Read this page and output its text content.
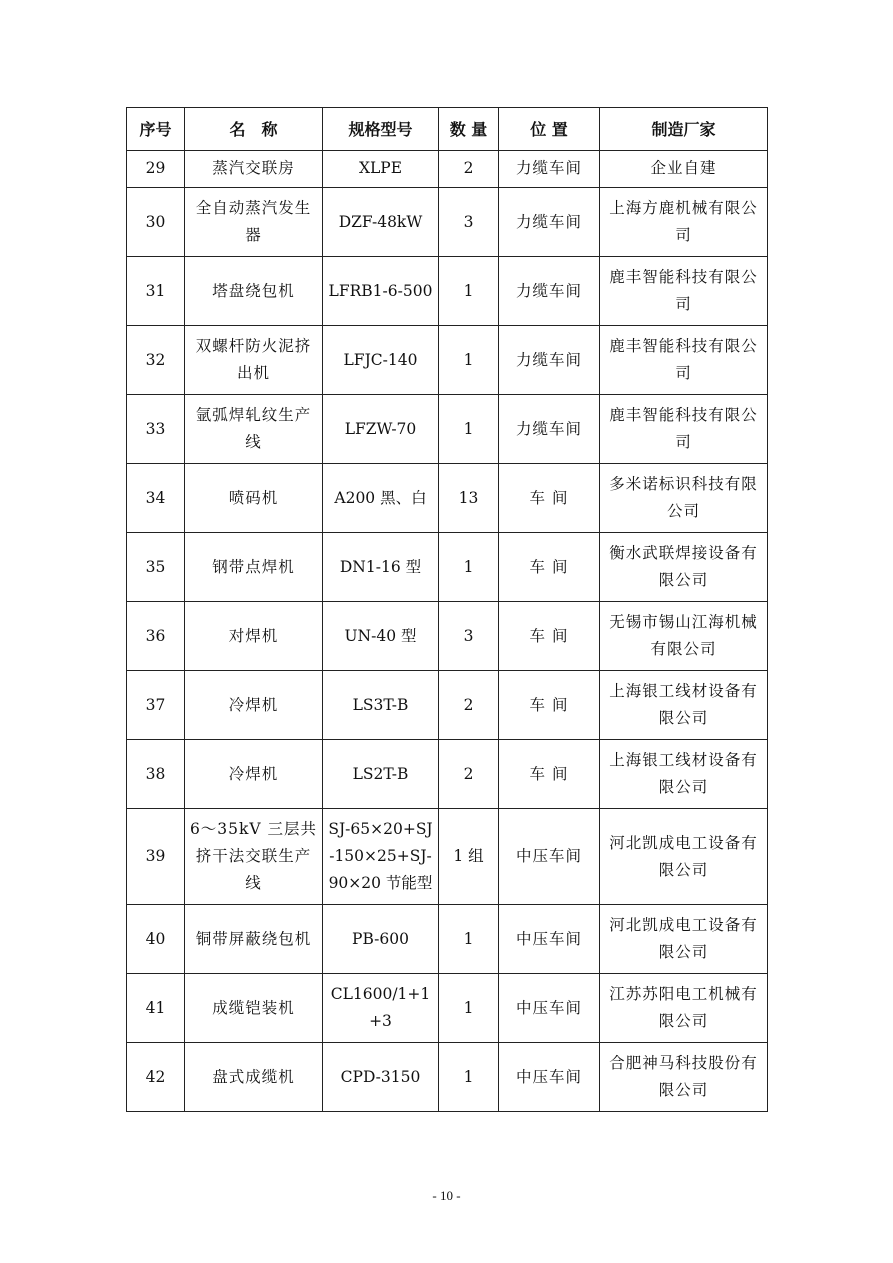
序号	名　称	规格型号	数 量	位 置	制造厂家
29	蒸汽交联房	XLPE	2	力缆车间	企业自建
30	全自动蒸汽发生器	DZF-48kW	3	力缆车间	上海方鹿机械有限公司
31	塔盘绕包机	LFRB1-6-500	1	力缆车间	鹿丰智能科技有限公司
32	双螺杆防火泥挤出机	LFJC-140	1	力缆车间	鹿丰智能科技有限公司
33	氩弧焊轧纹生产线	LFZW-70	1	力缆车间	鹿丰智能科技有限公司
34	喷码机	A200 黑、白	13	车 间	多米诺标识科技有限公司
35	钢带点焊机	DN1-16 型	1	车 间	衡水武联焊接设备有限公司
36	对焊机	UN-40 型	3	车 间	无锡市锡山江海机械有限公司
37	冷焊机	LS3T-B	2	车 间	上海银工线材设备有限公司
38	冷焊机	LS2T-B	2	车 间	上海银工线材设备有限公司
39	6～35kV 三层共挤干法交联生产线	SJ-65×20+SJ-150×25+SJ-90×20 节能型	1 组	中压车间	河北凯成电工设备有限公司
40	铜带屏蔽绕包机	PB-600	1	中压车间	河北凯成电工设备有限公司
41	成缆铠装机	CL1600/1+1+3	1	中压车间	江苏苏阳电工机械有限公司
42	盘式成缆机	CPD-3150	1	中压车间	合肥神马科技股份有限公司
- 10 -
